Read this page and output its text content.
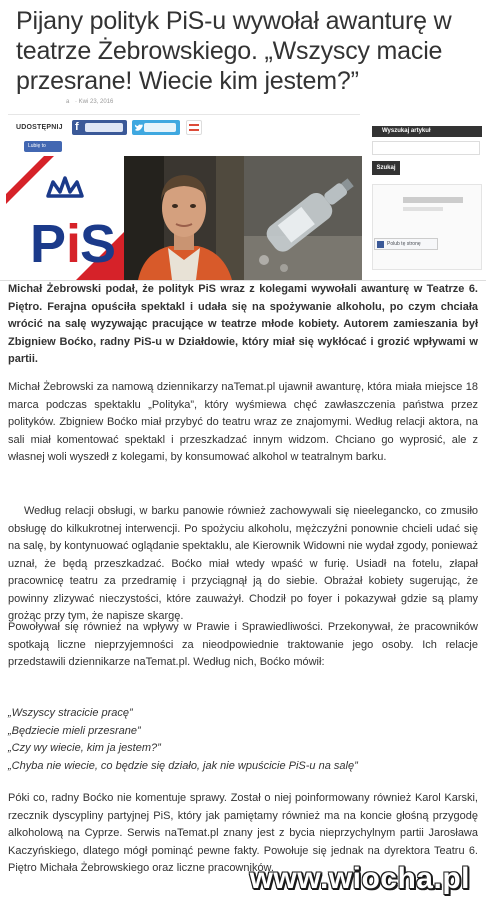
Pijany polityk PiS-u wywołał awanturę w teatrze Żebrowskiego. „Wszyscy macie przesrane! Wiecie kim jestem?”
a · Kwi 23, 2016
UDOSTĘPNIJ f
Lubię to
Wyszukaj artykuł
Szukaj
Polub tę stronę
P i
S

Michał Żebrowski podał, że polityk PiS wraz z kolegami wywołali awanturę w Teatrze 6. Piętro. Ferajna opuściła spektakl i udała się na spożywanie alkoholu, po czym chciała wrócić na salę wyzywając pracujące w teatrze młode kobiety. Autorem zamieszania był Zbigniew Boćko, radny PiS-u w Działdowie, który miał się wykłócać i grozić wpływami w partii.

Michał Żebrowski za namową dziennikarzy naTemat.pl ujawnił awanturę, która miała miejsce 18 marca podczas spektaklu „Polityka”, który wyśmiewa chęć zawłaszczenia państwa przez polityków. Zbigniew Boćko miał przybyć do teatru wraz ze znajomymi. Według relacji aktora, na sali miał komentować spektakl i przeszkadzać innym widzom. Chciano go wyprosić, ale z własnej woli wyszedł z kolegami, by konsumować alkohol w teatralnym barku.

Według relacji obsługi, w barku panowie również zachowywali się nieelegancko, co zmusiło obsługę do kilkukrotnej interwencji. Po spożyciu alkoholu, mężczyźni ponownie chcieli udać się na salę, by kontynuować oglądanie spektaklu, ale Kierownik Widowni nie wydał zgody, ponieważ uznał, że będą przeszkadzać. Boćko miał wtedy wpaść w furię. Usiadł na fotelu, złapał pracownicę teatru za przedramię i przyciągnął ją do siebie. Obrażał kobiety sugerując, że powinny zlizywać nieczystości, które zauważył. Chodził po foyer i pokazywał gdzie są plamy grożąc przy tym, że napisze skargę.

Powoływał się również na wpływy w Prawie i Sprawiedliwości. Przekonywał, że pracowników spotkają liczne nieprzyjemności za nieodpowiednie traktowanie jego osoby. Ich relacje przedstawili dziennikarze naTemat.pl. Według nich, Boćko mówił:

„Wszyscy stracicie pracę”
„Będziecie mieli przesrane”
„Czy wy wiecie, kim ja jestem?”
„Chyba nie wiecie, co będzie się działo, jak nie wpuścicie PiS-u na salę”

Póki co, radny Boćko nie komentuje sprawy. Został o niej poinformowany również Karol Karski, rzecznik dyscypliny partyjnej PiS, który jak pamiętamy również ma na koncie głośną przygodę alkoholową na Cyprze. Serwis naTemat.pl znany jest z bycia nieprzychylnym partii Jarosława Kaczyńskiego, dlatego mógł pominąć pewne fakty. Powołuje się jednak na dyrektora Teatru 6. Piętro Michała Żebrowskiego oraz liczne pracowników.

www.wiocha.pl
